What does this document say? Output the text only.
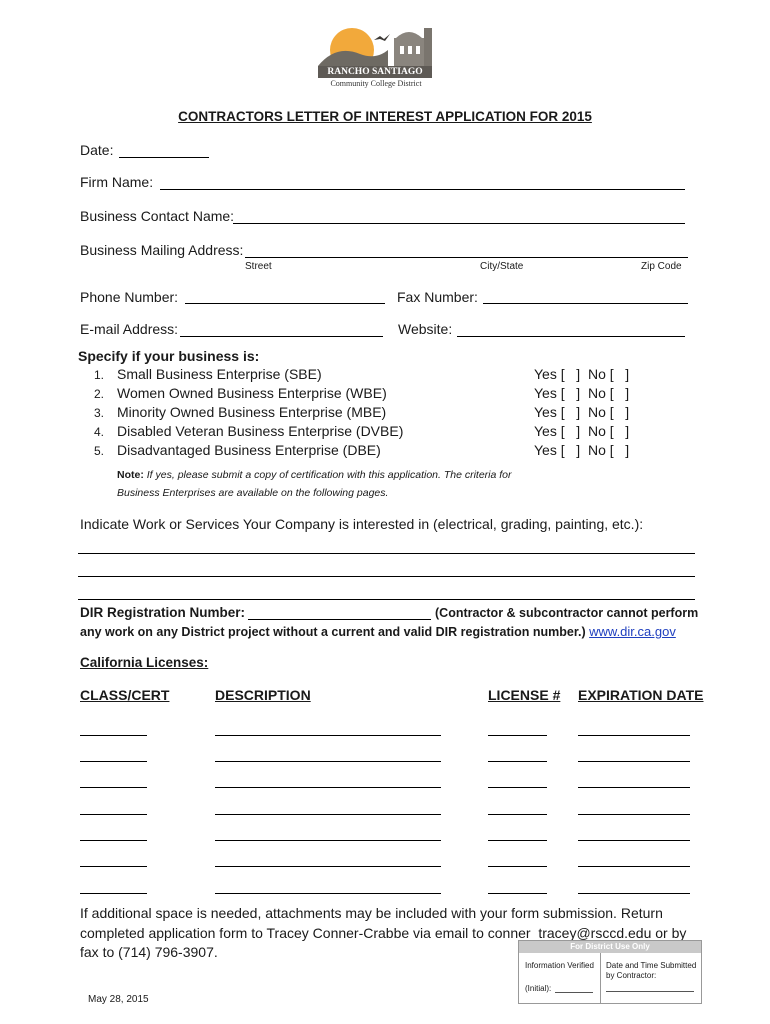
RANCHO SANTIAGO
Community College District
CONTRACTORS LETTER OF INTEREST APPLICATION FOR 2015
Date:
Firm Name:
Business Contact Name:
Business Mailing Address:
Street	City/State	Zip Code
Phone Number:	Fax Number:
E-mail Address:	Website:
Specify if your business is:
1. Small Business Enterprise (SBE)	Yes [   ]  No [   ]
2. Women Owned Business Enterprise (WBE)	Yes [   ]  No [   ]
3. Minority Owned Business Enterprise (MBE)	Yes [   ]  No [   ]
4. Disabled Veteran Business Enterprise (DVBE)	Yes [   ]  No [   ]
5. Disadvantaged Business Enterprise (DBE)	Yes [   ]  No [   ]
Note: If yes, please submit a copy of certification with this application. The criteria for
Business Enterprises are available on the following pages.
Indicate Work or Services Your Company is interested in (electrical, grading, painting, etc.):
DIR Registration Number:	(Contractor & subcontractor cannot perform
any work on any District project without a current and valid DIR registration number.) www.dir.ca.gov
California Licenses:
CLASS/CERT	DESCRIPTION	LICENSE # EXPIRATION DATE
If additional space is needed, attachments may be included with your form submission. Return
completed application form to Tracey Conner-Crabbe via email to conner_tracey@rsccd.edu or by
fax to (714) 796-3907.	For District Use Only
Information Verified
(Initial):
Date and Time Submitted
by Contractor:
May 28, 2015
